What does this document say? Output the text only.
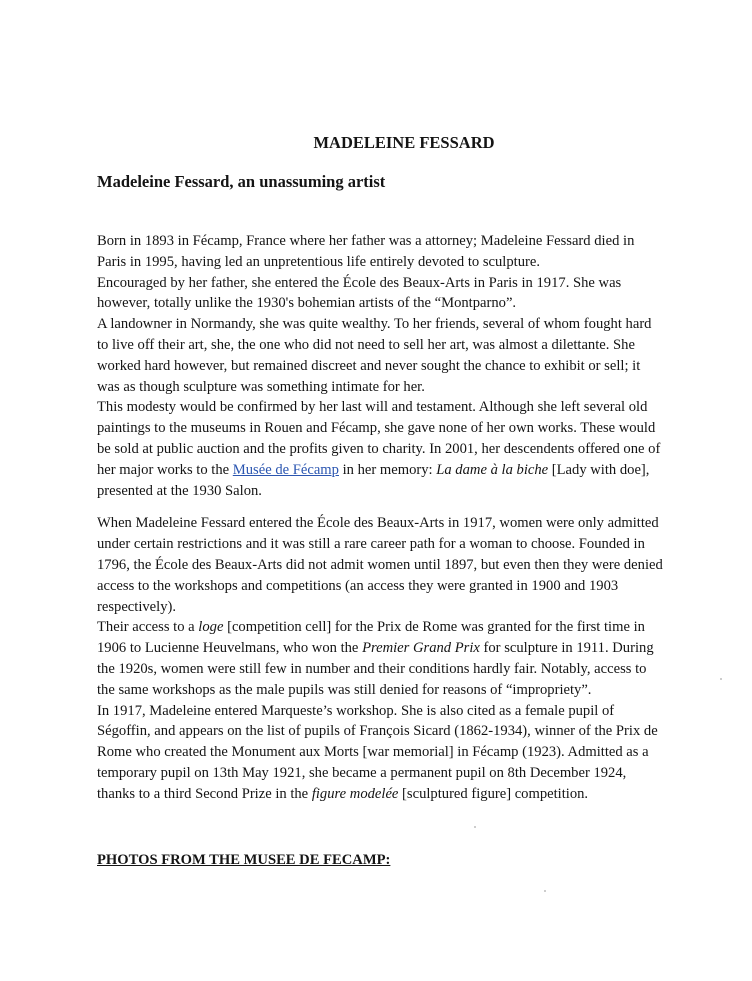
MADELEINE FESSARD
Madeleine Fessard, an unassuming artist

Born in 1893 in Fécamp, France where her father was a attorney; Madeleine Fessard died in
Paris in 1995, having led an unpretentious life entirely devoted to sculpture.
Encouraged by her father, she entered the École des Beaux-Arts in Paris in 1917. She was
however, totally unlike the 1930's bohemian artists of the “Montparno”.
A landowner in Normandy, she was quite wealthy. To her friends, several of whom fought hard
to live off their art, she, the one who did not need to sell her art, was almost a dilettante. She
worked hard however, but remained discreet and never sought the chance to exhibit or sell; it
was as though sculpture was something intimate for her.
This modesty would be confirmed by her last will and testament. Although she left several old
paintings to the museums in Rouen and Fécamp, she gave none of her own works. These would
be sold at public auction and the profits given to charity. In 2001, her descendents offered one of
her major works to the Musée de Fécamp in her memory: La dame à la biche [Lady with doe],
presented at the 1930 Salon.

When Madeleine Fessard entered the École des Beaux-Arts in 1917, women were only admitted
under certain restrictions and it was still a rare career path for a woman to choose. Founded in
1796, the École des Beaux-Arts did not admit women until 1897, but even then they were denied
access to the workshops and competitions (an access they were granted in 1900 and 1903
respectively).
Their access to a loge [competition cell] for the Prix de Rome was granted for the first time in
1906 to Lucienne Heuvelmans, who won the Premier Grand Prix for sculpture in 1911. During
the 1920s, women were still few in number and their conditions hardly fair. Notably, access to
the same workshops as the male pupils was still denied for reasons of “impropriety”.
In 1917, Madeleine entered Marqueste’s workshop. She is also cited as a female pupil of
Ségoffin, and appears on the list of pupils of François Sicard (1862-1934), winner of the Prix de
Rome who created the Monument aux Morts [war memorial] in Fécamp (1923). Admitted as a
temporary pupil on 13th May 1921, she became a permanent pupil on 8th December 1924,
thanks to a third Second Prize in the figure modelée [sculptured figure] competition.

PHOTOS FROM THE MUSEE DE FECAMP:
